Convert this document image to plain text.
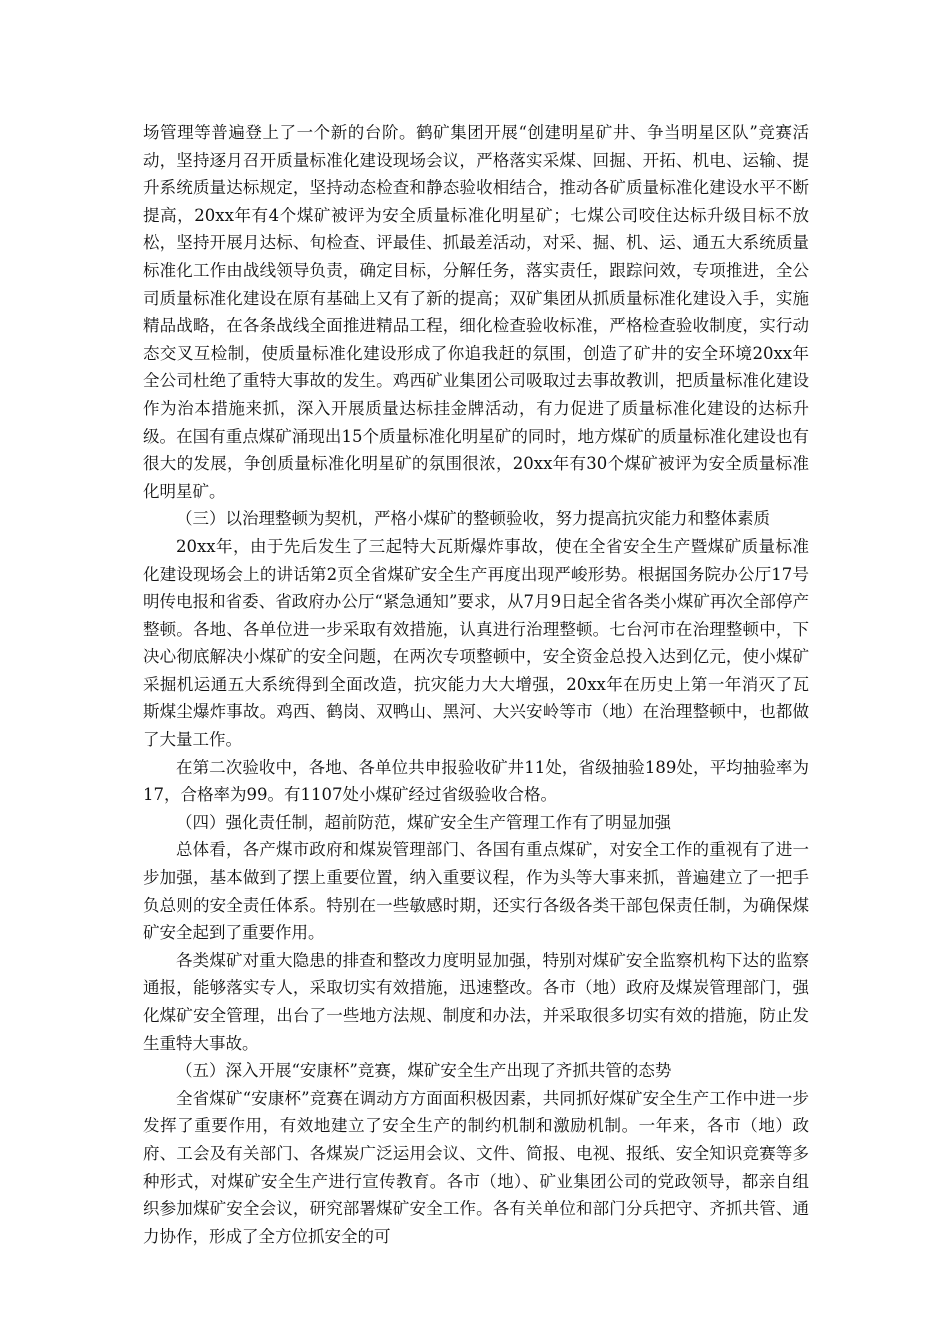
场管理等普遍登上了一个新的台阶。鹤矿集团开展“创建明星矿井、争当明星区队”竞赛活动，坚持逐月召开质量标准化建设现场会议，严格落实采煤、回掘、开拓、机电、运输、提升系统质量达标规定，坚持动态检查和静态验收相结合，推动各矿质量标准化建设水平不断提高，20xx年有4个煤矿被评为安全质量标准化明星矿；七煤公司咬住达标升级目标不放松，坚持开展月达标、旬检查、评最佳、抓最差活动，对采、掘、机、运、通五大系统质量标准化工作由战线领导负责，确定目标，分解任务，落实责任，跟踪问效，专项推进，全公司质量标准化建设在原有基础上又有了新的提高；双矿集团从抓质量标准化建设入手，实施精品战略，在各条战线全面推进精品工程，细化检查验收标准，严格检查验收制度，实行动态交叉互检制，使质量标准化建设形成了你追我赶的氛围，创造了矿井的安全环境20xx年全公司杜绝了重特大事故的发生。鸡西矿业集团公司吸取过去事故教训，把质量标准化建设作为治本措施来抓，深入开展质量达标挂金牌活动，有力促进了质量标准化建设的达标升级。在国有重点煤矿涌现出15个质量标准化明星矿的同时，地方煤矿的质量标准化建设也有很大的发展，争创质量标准化明星矿的氛围很浓，20xx年有30个煤矿被评为安全质量标准化明星矿。

（三）以治理整顿为契机，严格小煤矿的整顿验收，努力提高抗灾能力和整体素质

20xx年，由于先后发生了三起特大瓦斯爆炸事故，使在全省安全生产暨煤矿质量标准化建设现场会上的讲话第2页全省煤矿安全生产再度出现严峻形势。根据国务院办公厅17号明传电报和省委、省政府办公厅“紧急通知”要求，从7月9日起全省各类小煤矿再次全部停产整顿。各地、各单位进一步采取有效措施，认真进行治理整顿。七台河市在治理整顿中，下决心彻底解决小煤矿的安全问题，在两次专项整顿中，安全资金总投入达到亿元，使小煤矿采掘机运通五大系统得到全面改造，抗灾能力大大增强，20xx年在历史上第一年消灭了瓦斯煤尘爆炸事故。鸡西、鹤岗、双鸭山、黑河、大兴安岭等市（地）在治理整顿中，也都做了大量工作。

在第二次验收中，各地、各单位共申报验收矿井11处，省级抽验189处，平均抽验率为17，合格率为99。有1107处小煤矿经过省级验收合格。

（四）强化责任制，超前防范，煤矿安全生产管理工作有了明显加强

总体看，各产煤市政府和煤炭管理部门、各国有重点煤矿，对安全工作的重视有了进一步加强，基本做到了摆上重要位置，纳入重要议程，作为头等大事来抓，普遍建立了一把手负总则的安全责任体系。特别在一些敏感时期，还实行各级各类干部包保责任制，为确保煤矿安全起到了重要作用。

各类煤矿对重大隐患的排查和整改力度明显加强，特别对煤矿安全监察机构下达的监察通报，能够落实专人，采取切实有效措施，迅速整改。各市（地）政府及煤炭管理部门，强化煤矿安全管理，出台了一些地方法规、制度和办法，并采取很多切实有效的措施，防止发生重特大事故。

（五）深入开展“安康杯”竞赛，煤矿安全生产出现了齐抓共管的态势

全省煤矿“安康杯”竞赛在调动方方面面积极因素，共同抓好煤矿安全生产工作中进一步发挥了重要作用，有效地建立了安全生产的制约机制和激励机制。一年来，各市（地）政府、工会及有关部门、各煤炭广泛运用会议、文件、简报、电视、报纸、安全知识竞赛等多种形式，对煤矿安全生产进行宣传教育。各市（地）、矿业集团公司的党政领导，都亲自组织参加煤矿安全会议，研究部署煤矿安全工作。各有关单位和部门分兵把守、齐抓共管、通力协作，形成了全方位抓安全的可
